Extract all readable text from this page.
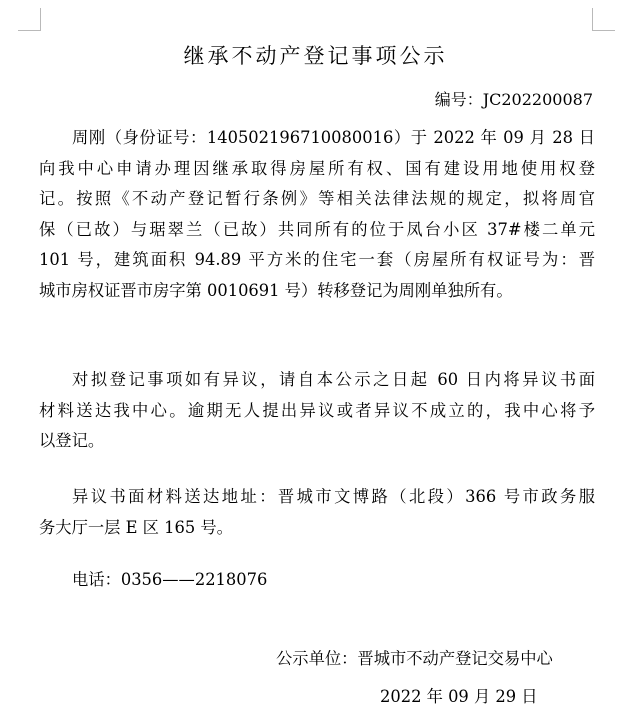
继承不动产登记事项公示
编号：JC202200087
周刚（身份证号：140502196710080016）于 2022 年 09 月 28 日
向我中心申请办理因继承取得房屋所有权、国有建设用地使用权登
记。按照《不动产登记暂行条例》等相关法律法规的规定，拟将周官
保（已故）与琚翠兰（已故）共同所有的位于凤台小区 37#楼二单元
101 号，建筑面积 94.89 平方米的住宅一套（房屋所有权证号为：晋
城市房权证晋市房字第 0010691 号）转移登记为周刚单独所有。
对拟登记事项如有异议，请自本公示之日起 60 日内将异议书面
材料送达我中心。逾期无人提出异议或者异议不成立的，我中心将予
以登记。
异议书面材料送达地址：晋城市文博路（北段）366 号市政务服
务大厅一层 E 区 165 号。
电话：0356——2218076
公示单位：晋城市不动产登记交易中心
2022 年 09 月 29 日
